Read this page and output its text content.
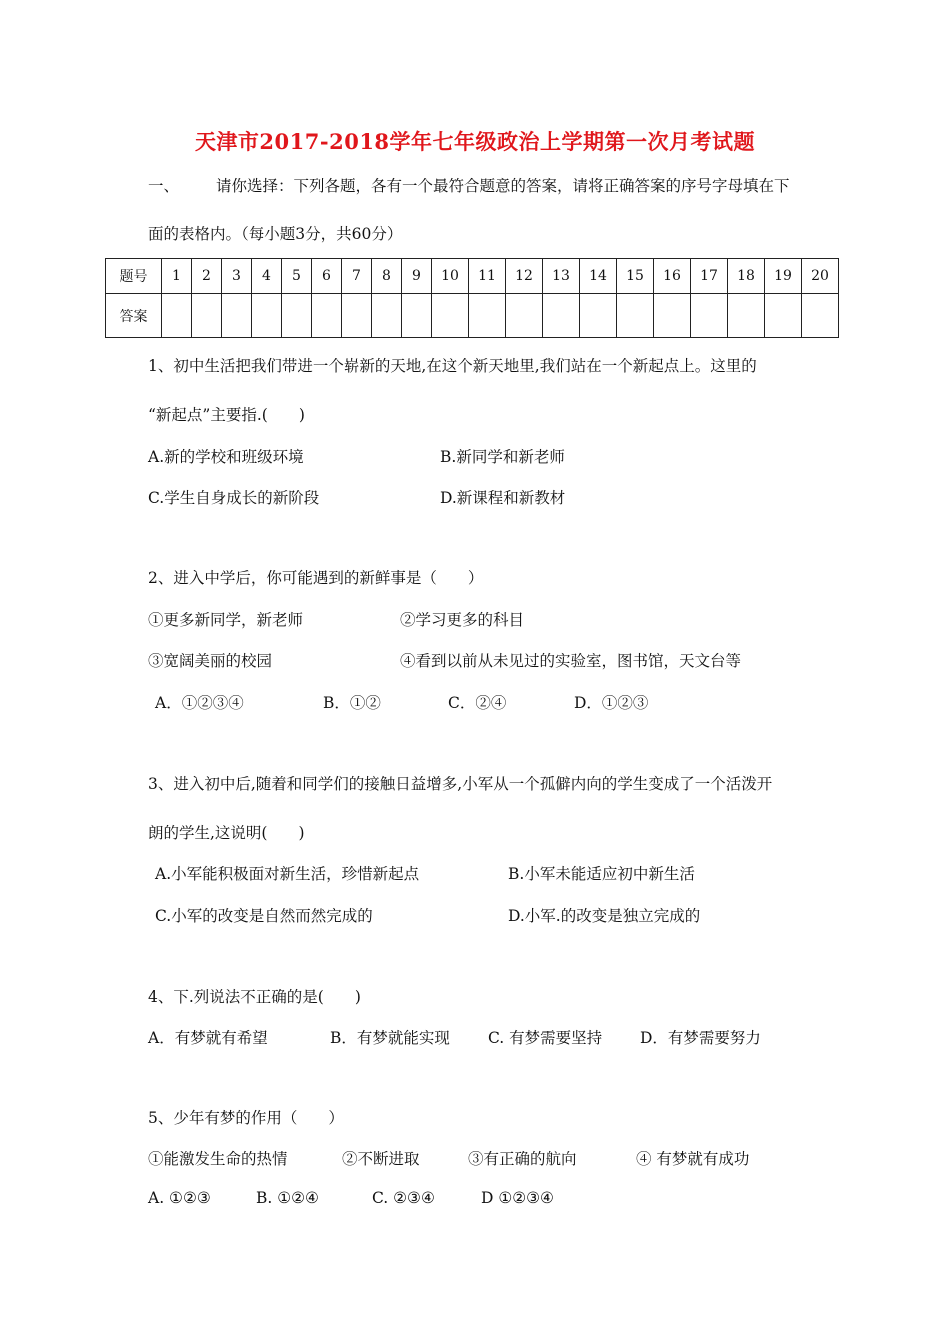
天津市2017-2018学年七年级政治上学期第一次月考试题
一、 请你选择：下列各题，各有一个最符合题意的答案，请将正确答案的序号字母填在下
面的表格内。（每小题3分，共60分）
题号	1	2	3	4	5	6	7	8	9	10	11	12	13	14	15	16	17	18	19	20
答案																				
1、初中生活把我们带进一个崭新的天地,在这个新天地里,我们站在一个新起点上。这里的
“新起点”主要指.(　　)
A.新的学校和班级环境	B.新同学和新老师
C.学生自身成长的新阶段	D.新课程和新教材
2、进入中学后，你可能遇到的新鲜事是（　　）
①更多新同学，新老师	②学习更多的科目
③宽阔美丽的校园	④看到以前从未见过的实验室，图书馆，天文台等
A．①②③④	B．①②	C．②④	D．①②③
3、进入初中后,随着和同学们的接触日益增多,小军从一个孤僻内向的学生变成了一个活泼开
朗的学生,这说明(　　)
A.小军能积极面对新生活，珍惜新起点	B.小军未能适应初中新生活
C.小军的改变是自然而然完成的	D.小军.的改变是独立完成的
4、下.列说法不正确的是(　　)
A．有梦就有希望	B．有梦就能实现 C. 有梦需要坚持 D．有梦需要努力
5、少年有梦的作用（　　）
①能激发生命的热情	②不断进取	③有正确的航向	④ 有梦就有成功
A. ①②③	B. ①②④	C. ②③④	D ①②③④
